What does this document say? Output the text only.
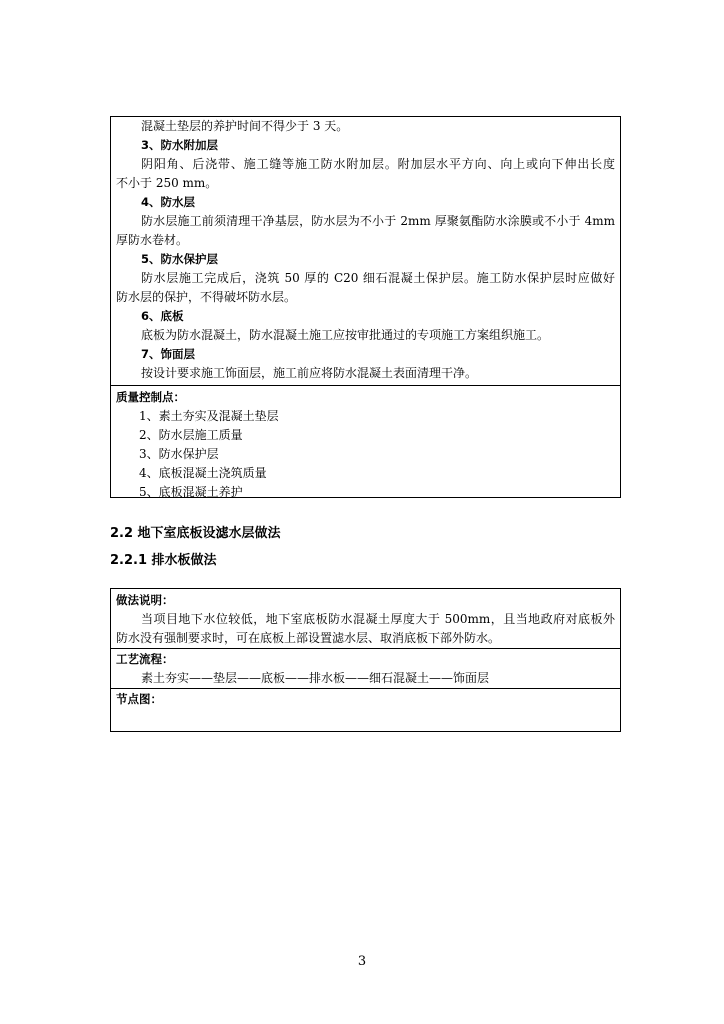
混凝土垫层的养护时间不得少于 3 天。
3、防水附加层
阴阳角、后浇带、施工缝等施工防水附加层。附加层水平方向、向上或向下伸出长度
不小于 250 mm。
4、防水层
防水层施工前须清理干净基层，防水层为不小于 2mm 厚聚氨酯防水涂膜或不小于 4mm
厚防水卷材。
5、防水保护层
防水层施工完成后，浇筑 50 厚的 C20 细石混凝土保护层。施工防水保护层时应做好
防水层的保护，不得破坏防水层。
6、底板
底板为防水混凝土，防水混凝土施工应按审批通过的专项施工方案组织施工。
7、饰面层
按设计要求施工饰面层，施工前应将防水混凝土表面清理干净。
质量控制点：
1、素土夯实及混凝土垫层
2、防水层施工质量
3、防水保护层
4、底板混凝土浇筑质量
5、底板混凝土养护
2.2 地下室底板设滤水层做法
2.2.1 排水板做法
做法说明：
当项目地下水位较低，地下室底板防水混凝土厚度大于 500mm，且当地政府对底板外
防水没有强制要求时，可在底板上部设置滤水层、取消底板下部外防水。
工艺流程：
素土夯实——垫层——底板——排水板——细石混凝土——饰面层
节点图：
3
